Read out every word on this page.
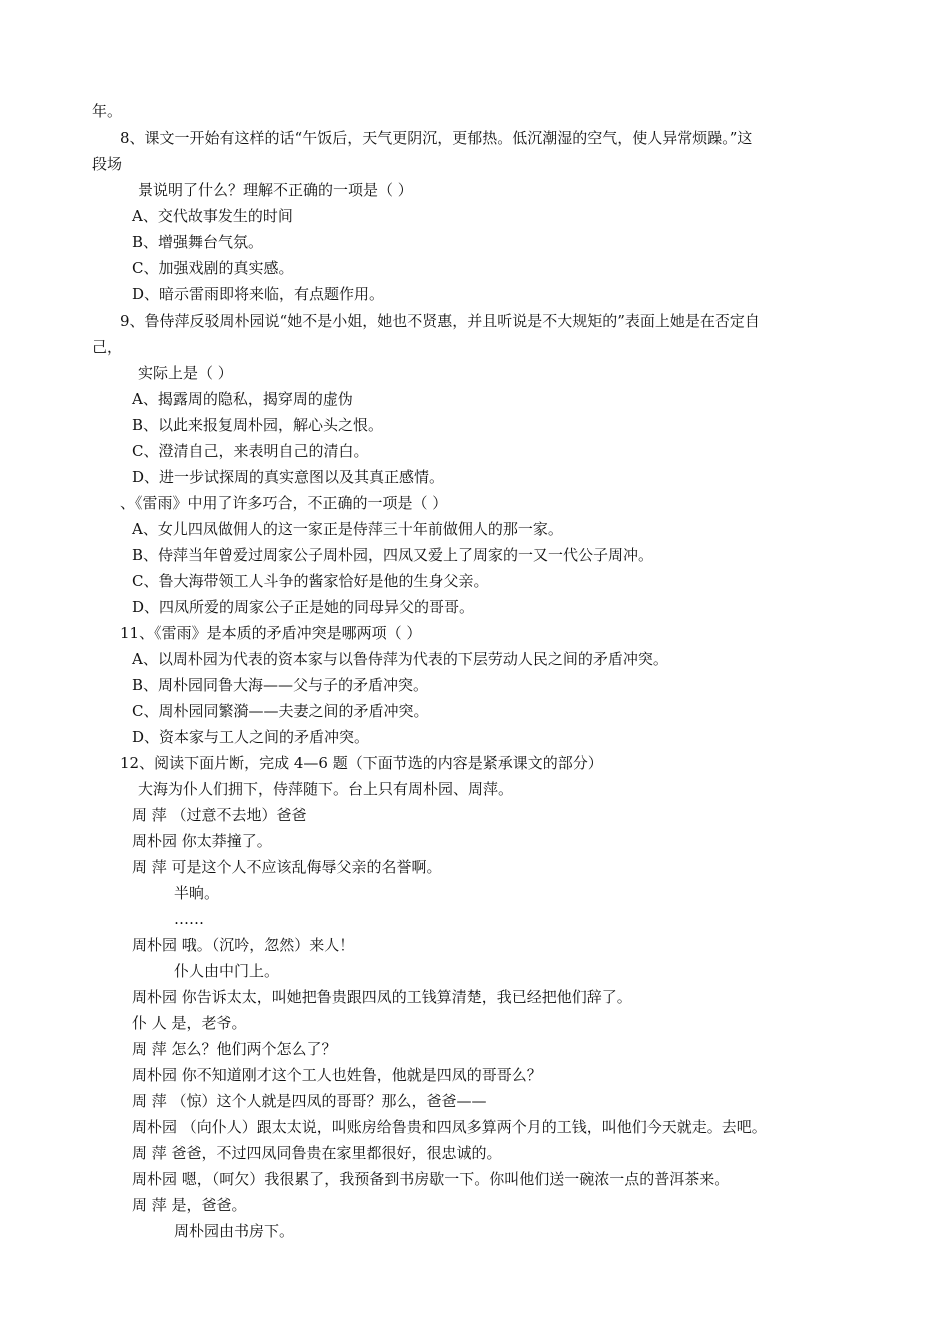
年。
8、课文一开始有这样的话“午饭后，天气更阴沉，更郁热。低沉潮湿的空气，使人异常烦躁。”这
段场
景说明了什么？理解不正确的一项是（ ）
A、交代故事发生的时间
B、增强舞台气氛。
C、加强戏剧的真实感。
D、暗示雷雨即将来临，有点题作用。
9、鲁侍萍反驳周朴园说“她不是小姐，她也不贤惠，并且听说是不大规矩的”表面上她是在否定自
己，
实际上是（ ）
A、揭露周的隐私，揭穿周的虚伪
B、以此来报复周朴园，解心头之恨。
C、澄清自己，来表明自己的清白。
D、进一步试探周的真实意图以及其真正感情。
、《雷雨》中用了许多巧合，不正确的一项是（ ）
A、女儿四凤做佣人的这一家正是侍萍三十年前做佣人的那一家。
B、侍萍当年曾爱过周家公子周朴园，四凤又爱上了周家的一又一代公子周冲。
C、鲁大海带领工人斗争的酱家恰好是他的生身父亲。
D、四凤所爱的周家公子正是她的同母异父的哥哥。
11、《雷雨》是本质的矛盾冲突是哪两项（ ）
A、以周朴园为代表的资本家与以鲁侍萍为代表的下层劳动人民之间的矛盾冲突。
B、周朴园同鲁大海——父与子的矛盾冲突。
C、周朴园同繁漪——夫妻之间的矛盾冲突。
D、资本家与工人之间的矛盾冲突。
12、阅读下面片断，完成 4—6 题（下面节选的内容是紧承课文的部分）
大海为仆人们拥下，侍萍随下。台上只有周朴园、周萍。
周 萍 （过意不去地）爸爸
周朴园 你太莽撞了。
周 萍 可是这个人不应该乱侮辱父亲的名誉啊。
半晌。
……
周朴园 哦。（沉吟，忽然）来人！
仆人由中门上。
周朴园 你告诉太太，叫她把鲁贵跟四凤的工钱算清楚，我已经把他们辞了。
仆 人 是，老爷。
周 萍 怎么？他们两个怎么了？
周朴园 你不知道刚才这个工人也姓鲁，他就是四凤的哥哥么？
周 萍 （惊）这个人就是四凤的哥哥？那么，爸爸——
周朴园 （向仆人）跟太太说，叫账房给鲁贵和四凤多算两个月的工钱，叫他们今天就走。去吧。
周 萍 爸爸，不过四凤同鲁贵在家里都很好，很忠诚的。
周朴园 嗯，（呵欠）我很累了，我预备到书房歇一下。你叫他们送一碗浓一点的普洱茶来。
周 萍 是，爸爸。
周朴园由书房下。
